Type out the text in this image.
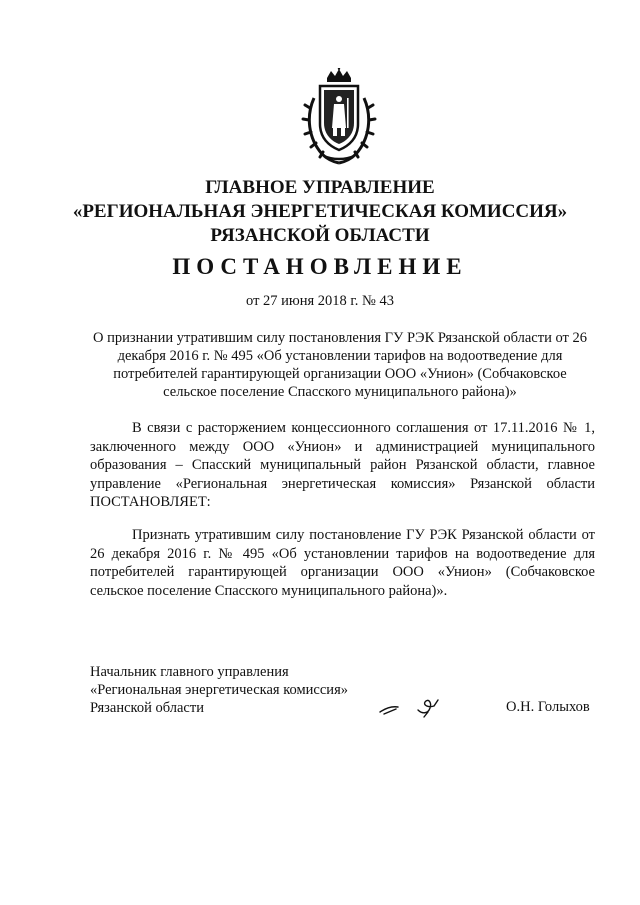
ГЛАВНОЕ УПРАВЛЕНИЕ
«РЕГИОНАЛЬНАЯ ЭНЕРГЕТИЧЕСКАЯ КОМИССИЯ»
РЯЗАНСКОЙ ОБЛАСТИ
ПОСТАНОВЛЕНИЕ
от 27 июня 2018 г. № 43
О признании утратившим силу постановления ГУ РЭК Рязанской области от 26 декабря 2016 г. № 495 «Об установлении тарифов на водоотведение для потребителей гарантирующей организации ООО «Унион» (Собчаковское сельское поселение Спасского муниципального района)»
В связи с расторжением концессионного соглашения от 17.11.2016 № 1, заключенного между ООО «Унион» и администрацией муниципального образования – Спасский муниципальный район Рязанской области, главное управление «Региональная энергетическая комиссия» Рязанской области ПОСТАНОВЛЯЕТ:
Признать утратившим силу постановление ГУ РЭК Рязанской области от 26 декабря 2016 г. № 495 «Об установлении тарифов на водоотведение для потребителей гарантирующей организации ООО «Унион» (Собчаковское сельское поселение Спасского муниципального района)».
Начальник главного управления
«Региональная энергетическая комиссия»
Рязанской области	О.Н. Голыхов
